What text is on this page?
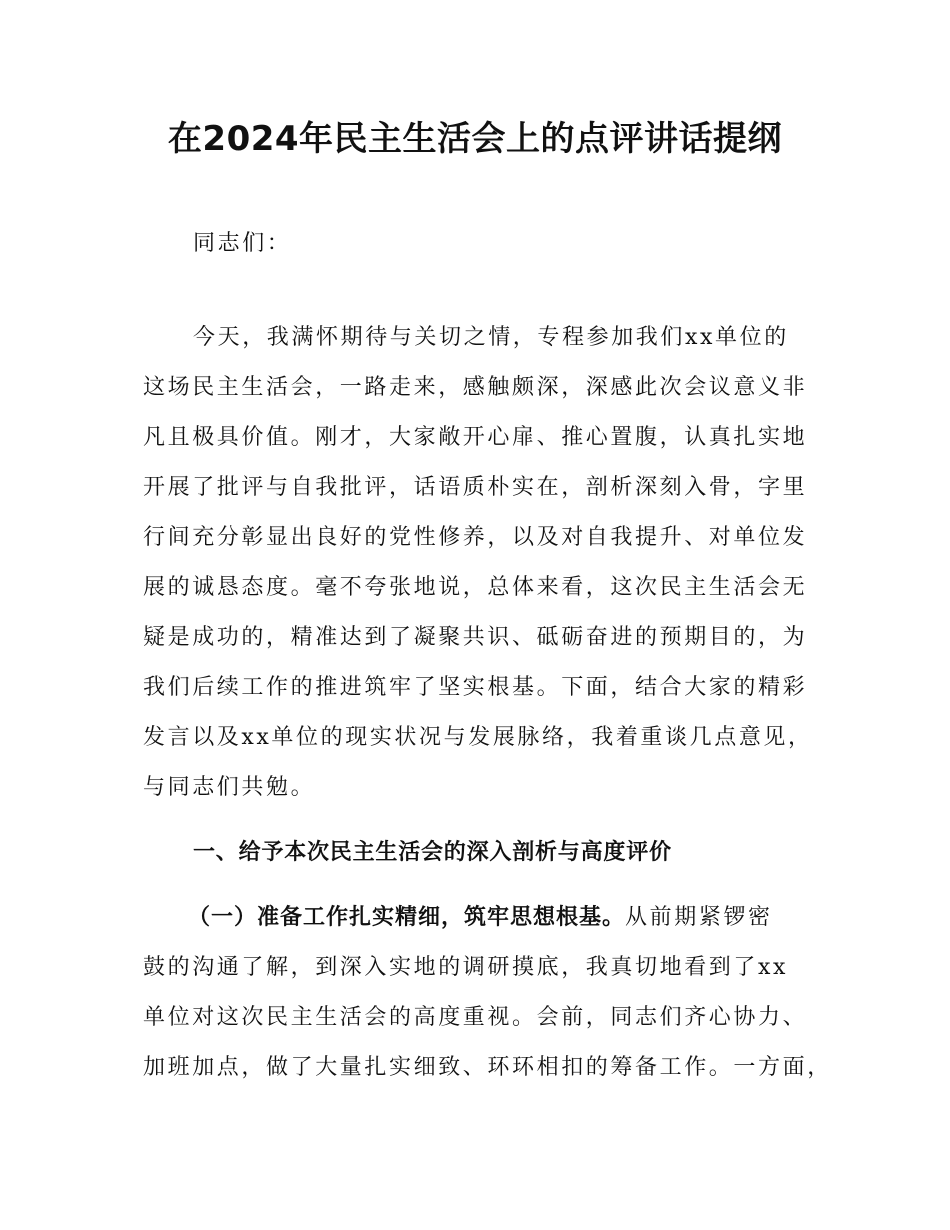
在2024年民主生活会上的点评讲话提纲

同志们：

今天，我满怀期待与关切之情，专程参加我们xx单位的

这场民主生活会，一路走来，感触颇深，深感此次会议意义非

凡且极具价值。刚才，大家敞开心扉、推心置腹，认真扎实地

开展了批评与自我批评，话语质朴实在，剖析深刻入骨，字里

行间充分彰显出良好的党性修养，以及对自我提升、对单位发

展的诚恳态度。毫不夸张地说，总体来看，这次民主生活会无

疑是成功的，精准达到了凝聚共识、砥砺奋进的预期目的，为

我们后续工作的推进筑牢了坚实根基。下面，结合大家的精彩

发言以及xx单位的现实状况与发展脉络，我着重谈几点意见，

与同志们共勉。

一、给予本次民主生活会的深入剖析与高度评价

（一）准备工作扎实精细，筑牢思想根基。从前期紧锣密

鼓的沟通了解，到深入实地的调研摸底，我真切地看到了xx

单位对这次民主生活会的高度重视。会前，同志们齐心协力、

加班加点，做了大量扎实细致、环环相扣的筹备工作。一方面，
